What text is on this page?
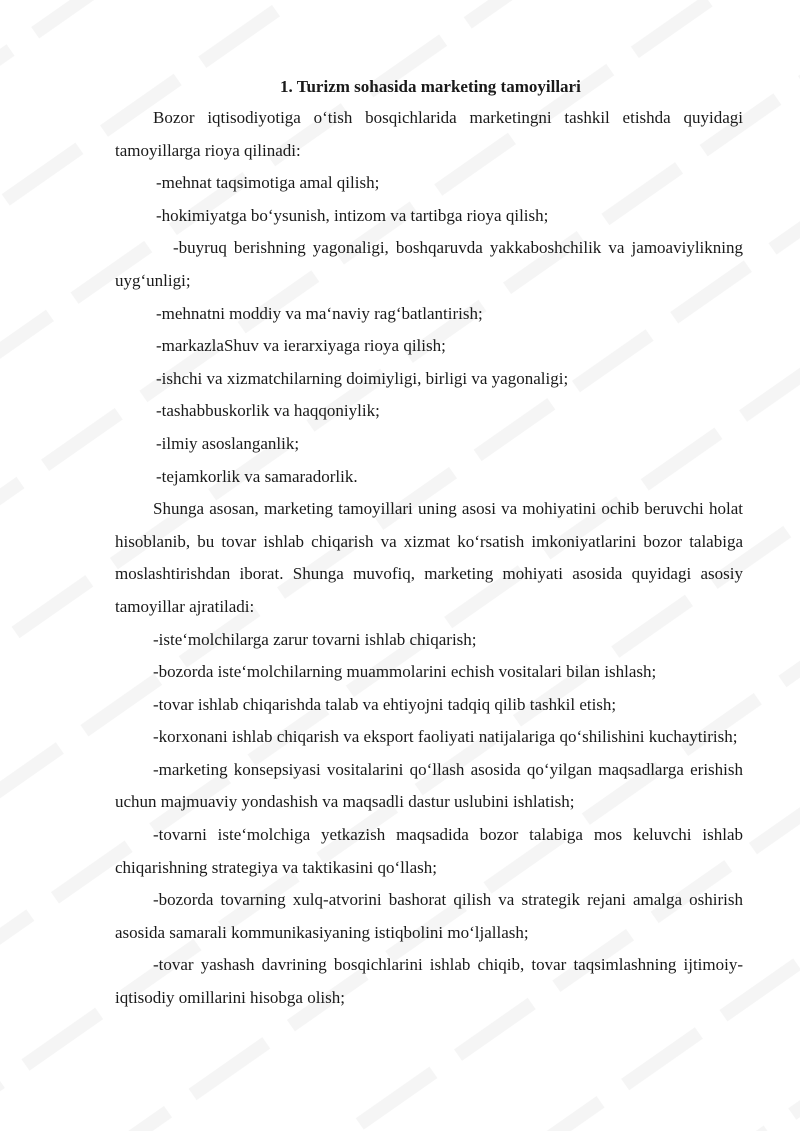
1. Turizm sohasida marketing tamoyillari

Bozor iqtisodiyotiga o‘tish bosqichlarida marketingni tashkil etishda quyidagi tamoyillarga rioya qilinadi:

-mehnat taqsimotiga amal qilish;

-hokimiyatga bo‘ysunish, intizom va tartibga rioya qilish;

-buyruq berishning yagonaligi, boshqaruvda yakkaboshchilik va jamoaviylikning uyg‘unligi;

-mehnatni moddiy va ma‘naviy rag‘batlantirish;

-markazlaShuv va ierarxiyaga rioya qilish;

-ishchi va xizmatchilarning doimiyligi, birligi va yagonaligi;

-tashabbuskorlik va haqqoniylik;

-ilmiy asoslanganlik;

-tejamkorlik va samaradorlik.

Shunga asosan, marketing tamoyillari uning asosi va mohiyatini ochib beruvchi holat hisoblanib, bu tovar ishlab chiqarish va xizmat ko‘rsatish imkoniyatlarini bozor talabiga moslashtirishdan iborat. Shunga muvofiq, marketing mohiyati asosida quyidagi asosiy tamoyillar ajratiladi:

-iste‘molchilarga zarur tovarni ishlab chiqarish;

-bozorda iste‘molchilarning muammolarini echish vositalari bilan ishlash;

-tovar ishlab chiqarishda talab va ehtiyojni tadqiq qilib tashkil etish;

-korxonani ishlab chiqarish va eksport faoliyati natijalariga qo‘shilishini kuchaytirish;

-marketing konsepsiyasi vositalarini qo‘llash asosida qo‘yilgan maqsadlarga erishish uchun majmuaviy yondashish va maqsadli dastur uslubini ishlatish;

-tovarni iste‘molchiga yetkazish maqsadida bozor talabiga mos keluvchi ishlab chiqarishning strategiya va taktikasini qo‘llash;

-bozorda tovarning xulq-atvorini bashorat qilish va strategik rejani amalga oshirish asosida samarali kommunikasiyaning istiqbolini mo‘ljallash;

-tovar yashash davrining bosqichlarini ishlab chiqib, tovar taqsimlashning ijtimoiy-iqtisodiy omillarini hisobga olish;
